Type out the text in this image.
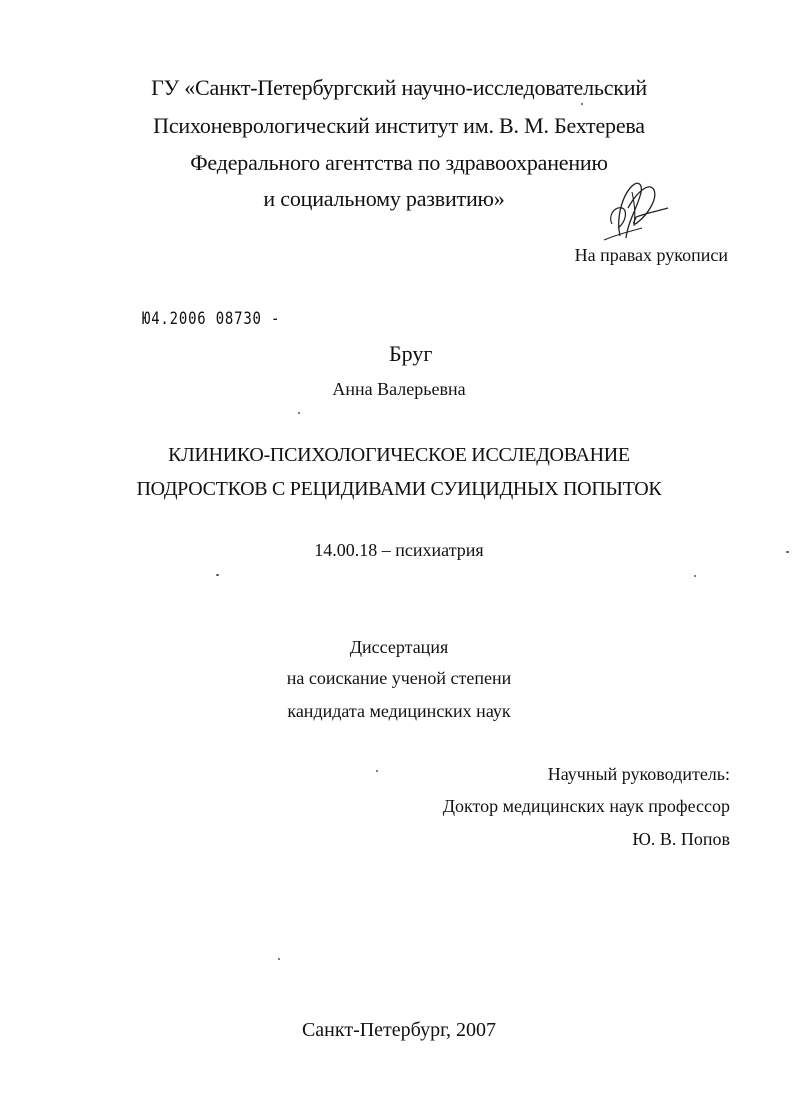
ГУ «Санкт-Петербургский научно-исследовательский
Психоневрологический институт им. В. М. Бехтерева
Федерального агентства по здравоохранению
и социальному развитию»
На правах рукописи
Ю4.2006 08730 -
Бруг
Анна Валерьевна
КЛИНИКО-ПСИХОЛОГИЧЕСКОЕ ИССЛЕДОВАНИЕ
ПОДРОСТКОВ С РЕЦИДИВАМИ СУИЦИДНЫХ ПОПЫТОК
14.00.18 – психиатрия
Диссертация
на соискание ученой степени
кандидата медицинских наук
Научный руководитель:
Доктор медицинских наук профессор
Ю. В. Попов
Санкт-Петербург, 2007
